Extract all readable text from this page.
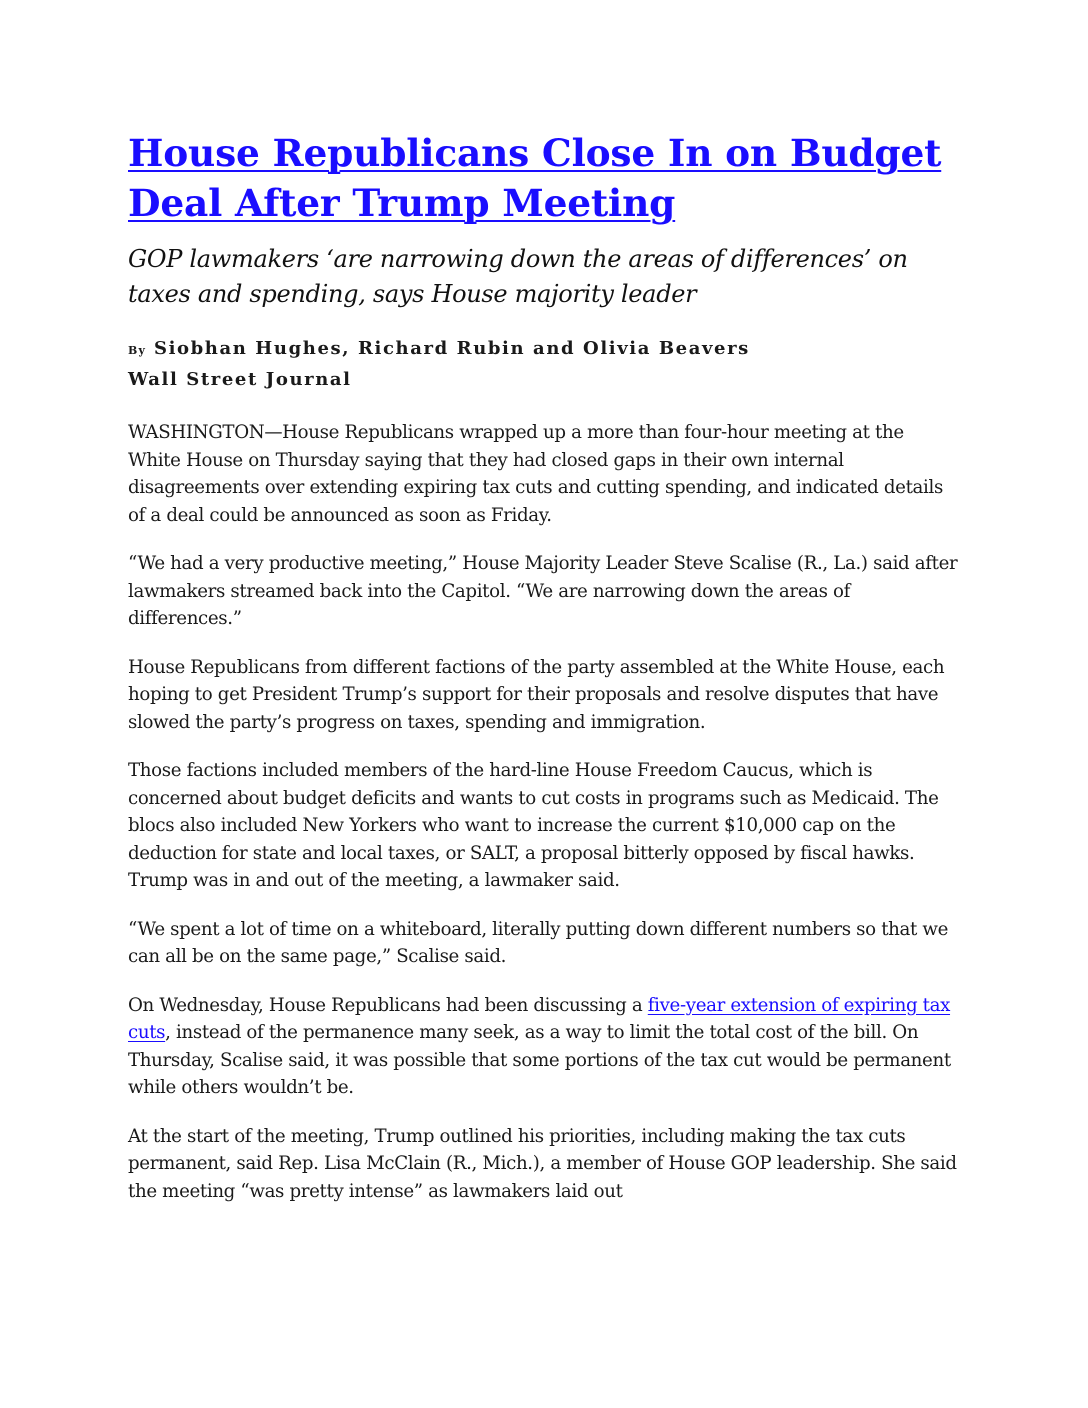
House Republicans Close In on Budget Deal After Trump Meeting

GOP lawmakers ‘are narrowing down the areas of differences’ on taxes and spending, says House majority leader

By Siobhan Hughes, Richard Rubin and Olivia Beavers
Wall Street Journal

WASHINGTON—House Republicans wrapped up a more than four-hour meeting at the White House on Thursday saying that they had closed gaps in their own internal disagreements over extending expiring tax cuts and cutting spending, and indicated details of a deal could be announced as soon as Friday.

“We had a very productive meeting,” House Majority Leader Steve Scalise (R., La.) said after lawmakers streamed back into the Capitol. “We are narrowing down the areas of differences.”

House Republicans from different factions of the party assembled at the White House, each hoping to get President Trump’s support for their proposals and resolve disputes that have slowed the party’s progress on taxes, spending and immigration.

Those factions included members of the hard-line House Freedom Caucus, which is concerned about budget deficits and wants to cut costs in programs such as Medicaid. The blocs also included New Yorkers who want to increase the current $10,000 cap on the deduction for state and local taxes, or SALT, a proposal bitterly opposed by fiscal hawks. Trump was in and out of the meeting, a lawmaker said.

“We spent a lot of time on a whiteboard, literally putting down different numbers so that we can all be on the same page,” Scalise said.

On Wednesday, House Republicans had been discussing a five-year extension of expiring tax cuts, instead of the permanence many seek, as a way to limit the total cost of the bill. On Thursday, Scalise said, it was possible that some portions of the tax cut would be permanent while others wouldn’t be.

At the start of the meeting, Trump outlined his priorities, including making the tax cuts permanent, said Rep. Lisa McClain (R., Mich.), a member of House GOP leadership. She said the meeting “was pretty intense” as lawmakers laid out
